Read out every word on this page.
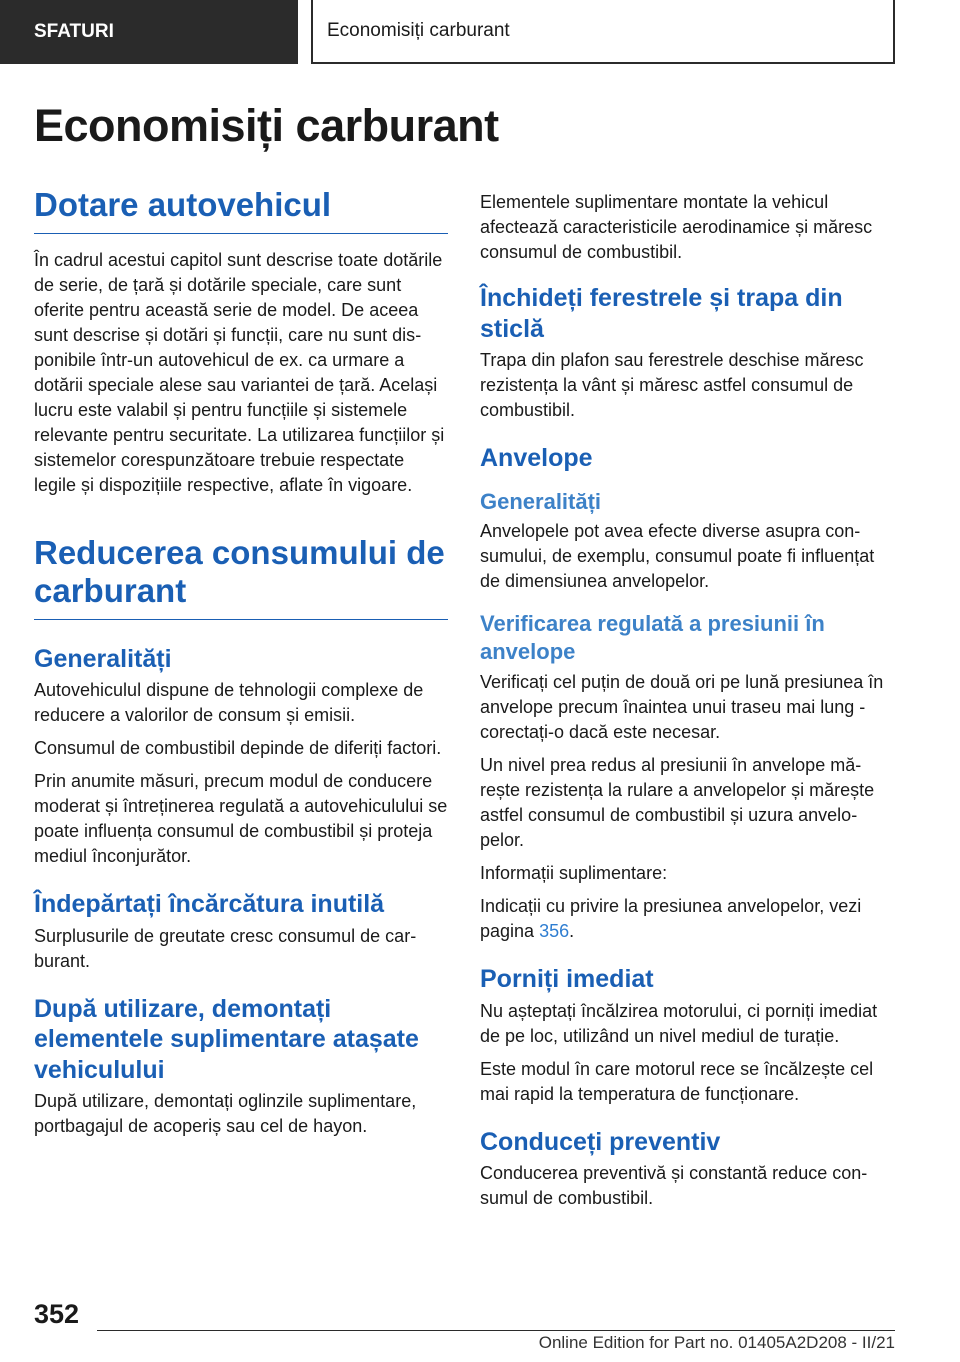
SFATURI	Economisiți carburant
Economisiți carburant
Dotare autovehicul

În cadrul acestui capitol sunt descrise toate dotările de serie, de țară și dotările speciale, care sunt oferite pentru această serie de model. De aceea sunt descrise și dotări și funcții, care nu sunt disponibile într-un autovehicul de ex. ca urmare a dotării speciale alese sau variantei de țară. Același lucru este valabil și pentru funcțiile și sistemele relevante pentru securitate. La utilizarea funcțiilor și sistemelor corespunzătoare trebuie respectate legile și dispozițiile respective, aflate în vigoare.

Reducerea consumului de carburant
Generalități

Autovehiculul dispune de tehnologii complexe de reducere a valorilor de consum și emisii.

Consumul de combustibil depinde de diferiți factori.

Prin anumite măsuri, precum modul de conducere moderat și întreținerea regulată a autovehiculului se poate influența consumul de combustibil și proteja mediul înconjurător.

Îndepărtați încărcătura inutilă

Surplusurile de greutate cresc consumul de carburant.

După utilizare, demontați elementele suplimentare atașate vehiculului

După utilizare, demontați oglinzile suplimentare, portbagajul de acoperiș sau cel de hayon.

Elementele suplimentare montate la vehicul afectează caracteristicile aerodinamice și măresc consumul de combustibil.

Închideți ferestrele și trapa din sticlă

Trapa din plafon sau ferestrele deschise măresc rezistența la vânt și măresc astfel consumul de combustibil.

Anvelope
Generalități

Anvelopele pot avea efecte diverse asupra consumului, de exemplu, consumul poate fi influențat de dimensiunea anvelopelor.

Verificarea regulată a presiunii în anvelope

Verificați cel puțin de două ori pe lună presiunea în anvelope precum înaintea unui traseu mai lung - corectați-o dacă este necesar.

Un nivel prea redus al presiunii în anvelope mărește rezistența la rulare a anvelopelor și mărește astfel consumul de combustibil și uzura anvelopelor.

Informații suplimentare:

Indicații cu privire la presiunea anvelopelor, vezi pagina 356.

Porniți imediat

Nu așteptați încălzirea motorului, ci porniți imediat de pe loc, utilizând un nivel mediul de turație.

Este modul în care motorul rece se încălzește cel mai rapid la temperatura de funcționare.

Conduceți preventiv

Conducerea preventivă și constantă reduce consumul de combustibil.

352
Online Edition for Part no. 01405A2D208 - II/21
